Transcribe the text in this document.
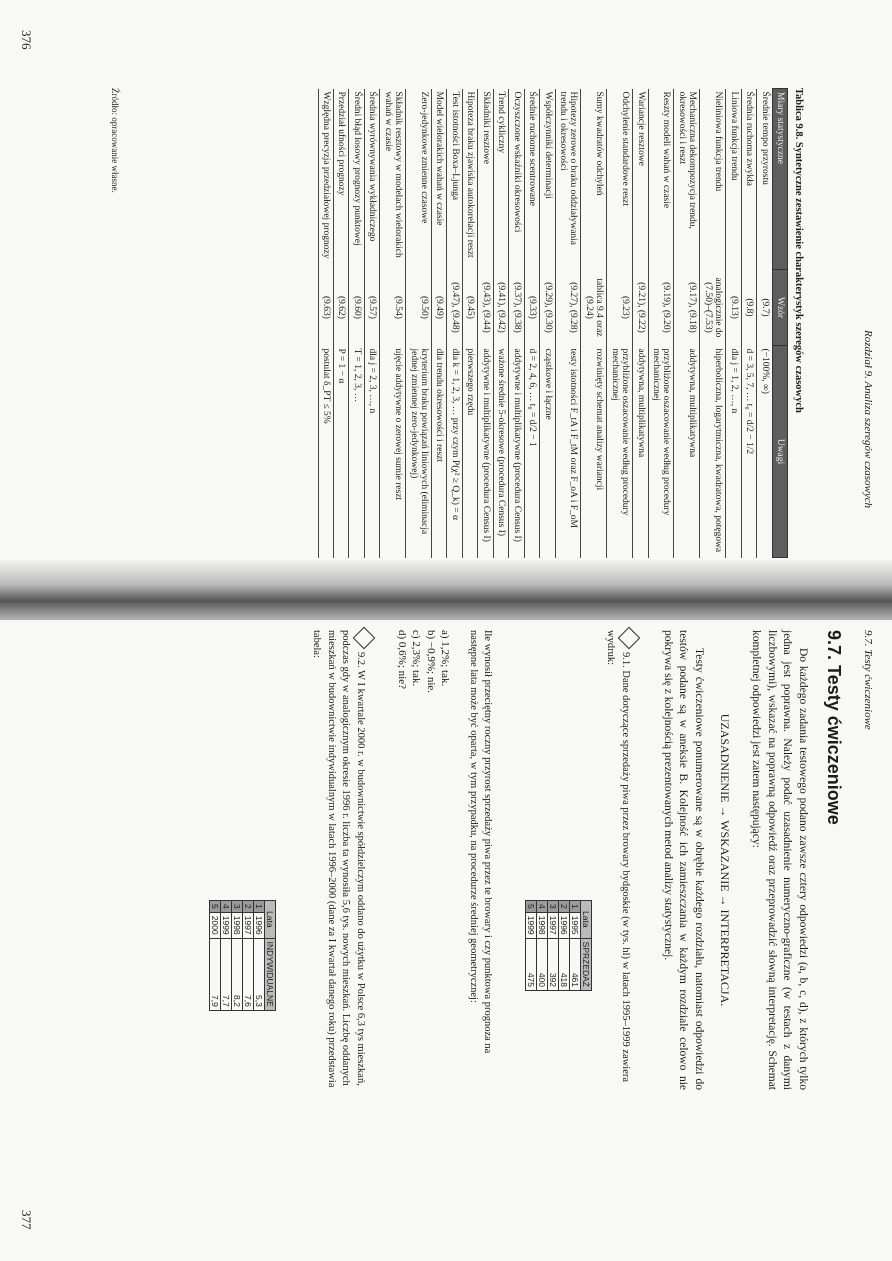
Rozdział 9. Analiza szeregów czasowych
Tablica 9.8. Syntetyczne zestawienie charakterystyk szeregów czasowych
Miary statystyczne	Wzór	Uwagi
Średnie tempo przyrostu	(9.7)	(−100%, ∞)
Średnia ruchoma zwykła	(9.8)	d = 3, 5, 7, … t₀ = d/2 − 1/2
Liniowa funkcja trendu	(9.13)	dla j = 1, 2, …, n
Nieliniowa funkcja trendu	analogicznie do (7.50)–(7.53)	hiperboliczna, logarytmiczna, kwadratowa, potęgowa
Mechaniczna dekompozycja trendu, okresowości i reszt	(9.17), (9.18)	addytywna, multiplikatywna
Reszty modeli wahań w czasie	(9.19), (9.20)	przybliżone oszacowanie według procedury mechanicznej
Wariancje resztowe	(9.21), (9.22)	addytywna, multiplikatywna
Odchylenie standardowe reszt	(9.23)	przybliżone oszacowanie według procedury mechanicznej
Sumy kwadratów odchyleń	tablica 9.4 oraz (9.24)	rozwinięty schemat analizy wariancji
Hipotezy zerowe o braku oddziaływania trendu i okresowości	(9.27), (9.28)	testy istotności F_tA i F_tM oraz F_oA i F_oM
Współczynniki determinacji	(9.29), (9.30)	cząstkowe i łączne
Średnie ruchome scentrowane	(9.33)	d = 2, 4, 6, … t₀ = d/2 − 1
Oczyszczone wskaźniki okresowości	(9.37), (9.38)	addytywne i multiplikatywne (procedura Census I)
Trend cykliczny	(9.41), (9.42)	ważone średnie 5-okresowe (procedura Census I)
Składniki resztowe	(9.43), (9.44)	addytywne i multiplikatywne (procedura Census I)
Hipoteza braku zjawiska autokorelacji reszt	(9.45)	pierwszego rzędu
Test istotności Boxa–Ljunga	(9.47), (9.48)	dla k = 1, 2, 3, … przy czym P(χ² ≥ Q_k) = α
Model wielorakich wahań w czasie	(9.49)	dla trendu okresowości i reszt
Zero-jedynkowe zmienne czasowe	(9.50)	kryterium braku powiązań liniowych (eliminacja jednej zmiennej zero-jedynkowej)
Składnik resztowy w modelach wielorakich wahań w czasie	(9.54)	ujęcie addytywne o zerowej sumie reszt
Średnia wyrównywania wykładniczego	(9.57)	dla j = 2, 3, …, n
Średni błąd losowy prognozy punktowej	(9.60)	T = 1, 2, 3, …
Przedział ufności prognozy	(9.62)	P = 1 − α
Względna precyzja przedziałowej prognozy	(9.63)	postulat δ_PT ≤ 5%
Źródło: opracowanie własne.
376
9.7. Testy ćwiczeniowe
9.7. Testy ćwiczeniowe
Do każdego zadania testowego podano zawsze cztery odpowiedzi (a, b, c, d), z których tylko jedna jest poprawna. Należy podać uzasadnienie numeryczno-graficzne (w testach z danymi liczbowymi), wskazać na poprawną odpowiedź oraz przeprowadzić słowną interpretację. Schemat kompletnej odpowiedzi jest zatem następujący:
UZASADNIENIE → WSKAZANIE → INTERPRETACJA.
Testy ćwiczeniowe ponumerowane są w obrębie każdego rozdziału, natomiast odpowiedzi do testów podane są w aneksie B. Kolejność ich zamieszczania w każdym rozdziale celowo nie pokrywa się z kolejnością prezentowanych metod analizy statystycznej.
9.1. Dane dotyczące sprzedaży piwa przez browary bydgoskie (w tys. hl) w latach 1995–1999 zawiera wydruk:
Lata		SPRZEDAŻ
1	1995	461
2	1996	418
3	1997	392
4	1998	400
5	1999	475
Ile wynosił przeciętny roczny przyrost sprzedaży piwa przez te browary i czy punktowa prognoza na następne lata może być oparta, w tym przypadku, na procedurze średniej geometrycznej:
a) 1,2%; tak.
b) −0,9%; nie.
c) 2,3%; tak.
d) 0,6%; nie?
9.2. W I kwartale 2000 r. w budownictwie spółdzielczym oddano do użytku w Polsce 6,3 tys mieszkań, podczas gdy w analogicznym okresie 1996 r. liczba ta wynosiła 5,6 tys. nowych mieszkań. Liczbę oddanych mieszkań w budownictwie indywidualnym w latach 1996–2000 (dane za I kwartał danego roku) przedstawia tabela:
Lata		INDYWIDUALNE
1	1996	5,3
2	1997	7,6
3	1998	8,2
4	1999	7,7
5	2000	7,9
377
